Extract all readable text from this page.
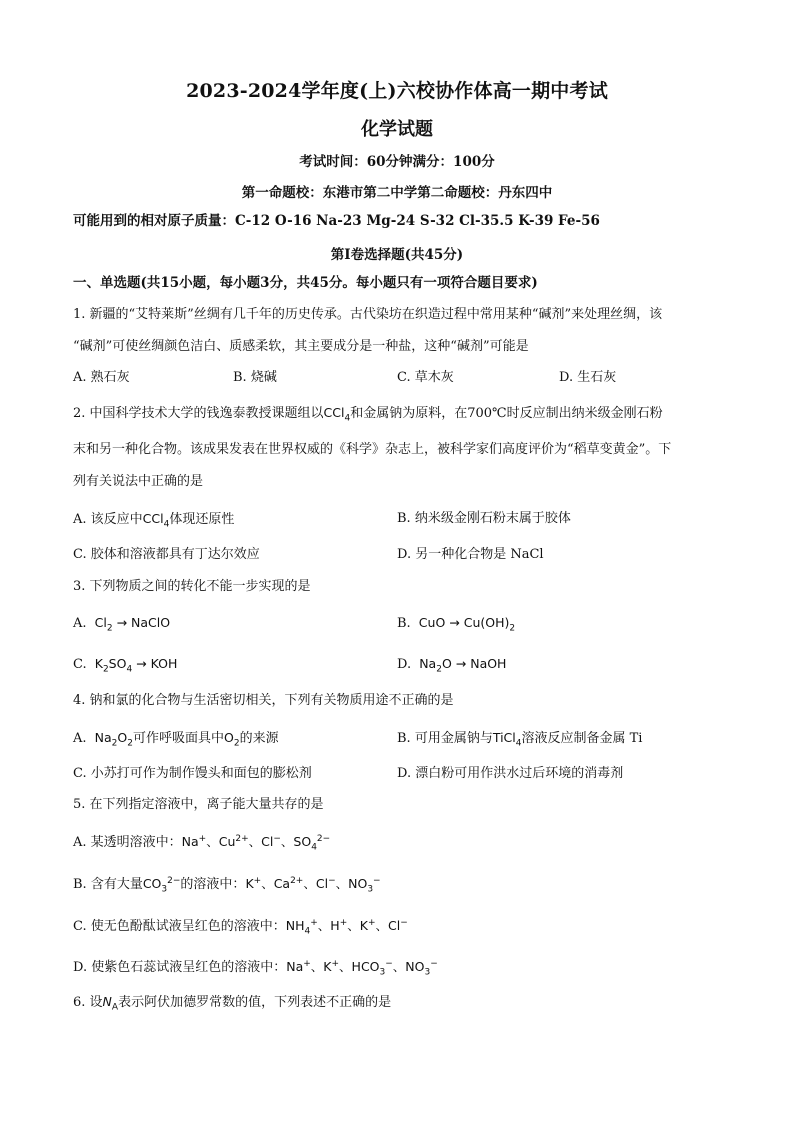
2023-2024学年度(上)六校协作体高一期中考试
化学试题
考试时间：60分钟满分：100分
第一命题校：东港市第二中学第二命题校：丹东四中
可能用到的相对原子质量：C-12 O-16 Na-23 Mg-24 S-32 Cl-35.5 K-39 Fe-56
第Ⅰ卷选择题(共45分)
一、单选题(共15小题，每小题3分，共45分。每小题只有一项符合题目要求)
1. 新疆的“艾特莱斯”丝绸有几千年的历史传承。古代染坊在织造过程中常用某种“碱剂”来处理丝绸，该
“碱剂”可使丝绸颜色洁白、质感柔软，其主要成分是一种盐，这种“碱剂”可能是
A. 熟石灰	B. 烧碱	C. 草木灰	D. 生石灰
2. 中国科学技术大学的钱逸泰教授课题组以CCl$_4$和金属钠为原料，在700℃时反应制出纳米级金刚石粉
末和另一种化合物。该成果发表在世界权威的《科学》杂志上，被科学家们高度评价为“稻草变黄金”。下
列有关说法中正确的是
A. 该反应中CCl$_4$体现还原性	B. 纳米级金刚石粉末属于胶体
C. 胶体和溶液都具有丁达尔效应	D. 另一种化合物是 NaCl
3. 下列物质之间的转化不能一步实现的是
A.  $Cl_2$ → NaClO	B.  CuO → $Cu(OH)_2$
C.  $K_2SO_4$ → KOH	D.  $Na_2O$ → NaOH
4. 钠和氯的化合物与生活密切相关，下列有关物质用途不正确的是
A.  $Na_2O_2$可作呼吸面具中$O_2$的来源	B. 可用金属钠与TiCl$_4$溶液反应制备金属 Ti
C. 小苏打可作为制作馒头和面包的膨松剂	D. 漂白粉可用作洪水过后环境的消毒剂
5. 在下列指定溶液中，离子能大量共存的是
A. 某透明溶液中：Na+、$Cu^{2+}$、Cl−、$SO_4^{2-}$
B. 含有大量$CO_3^{2-}$的溶液中：K+、$Ca^{2+}$、Cl−、$NO_3^-$
C. 使无色酚酞试液呈红色的溶液中：$NH_4^+$、H+、K+、Cl−
D. 使紫色石蕊试液呈红色的溶液中：Na+、K+、$HCO_3^-$、$NO_3^-$
6. 设$N_A$表示阿伏加德罗常数的值，下列表述不正确的是
